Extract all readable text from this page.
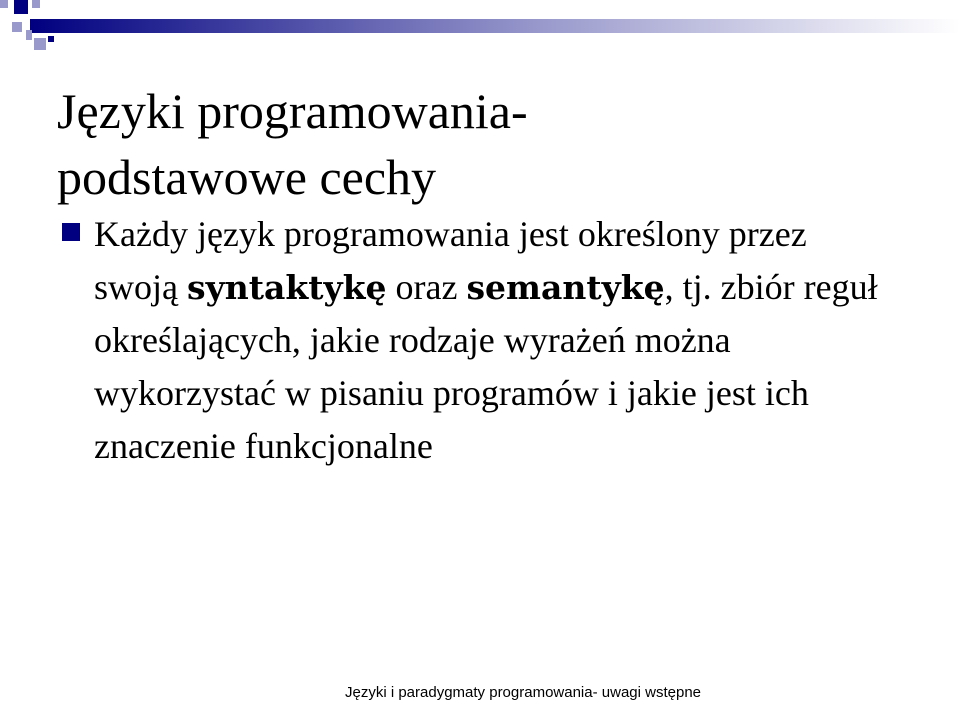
Języki programowania-
podstawowe cechy
Każdy język programowania jest określony przez swoją syntaktykę oraz semantykę, tj. zbiór reguł określających, jakie rodzaje wyrażeń można wykorzystać w pisaniu programów i jakie jest ich znaczenie funkcjonalne
Języki i paradygmaty programowania- uwagi wstępne
